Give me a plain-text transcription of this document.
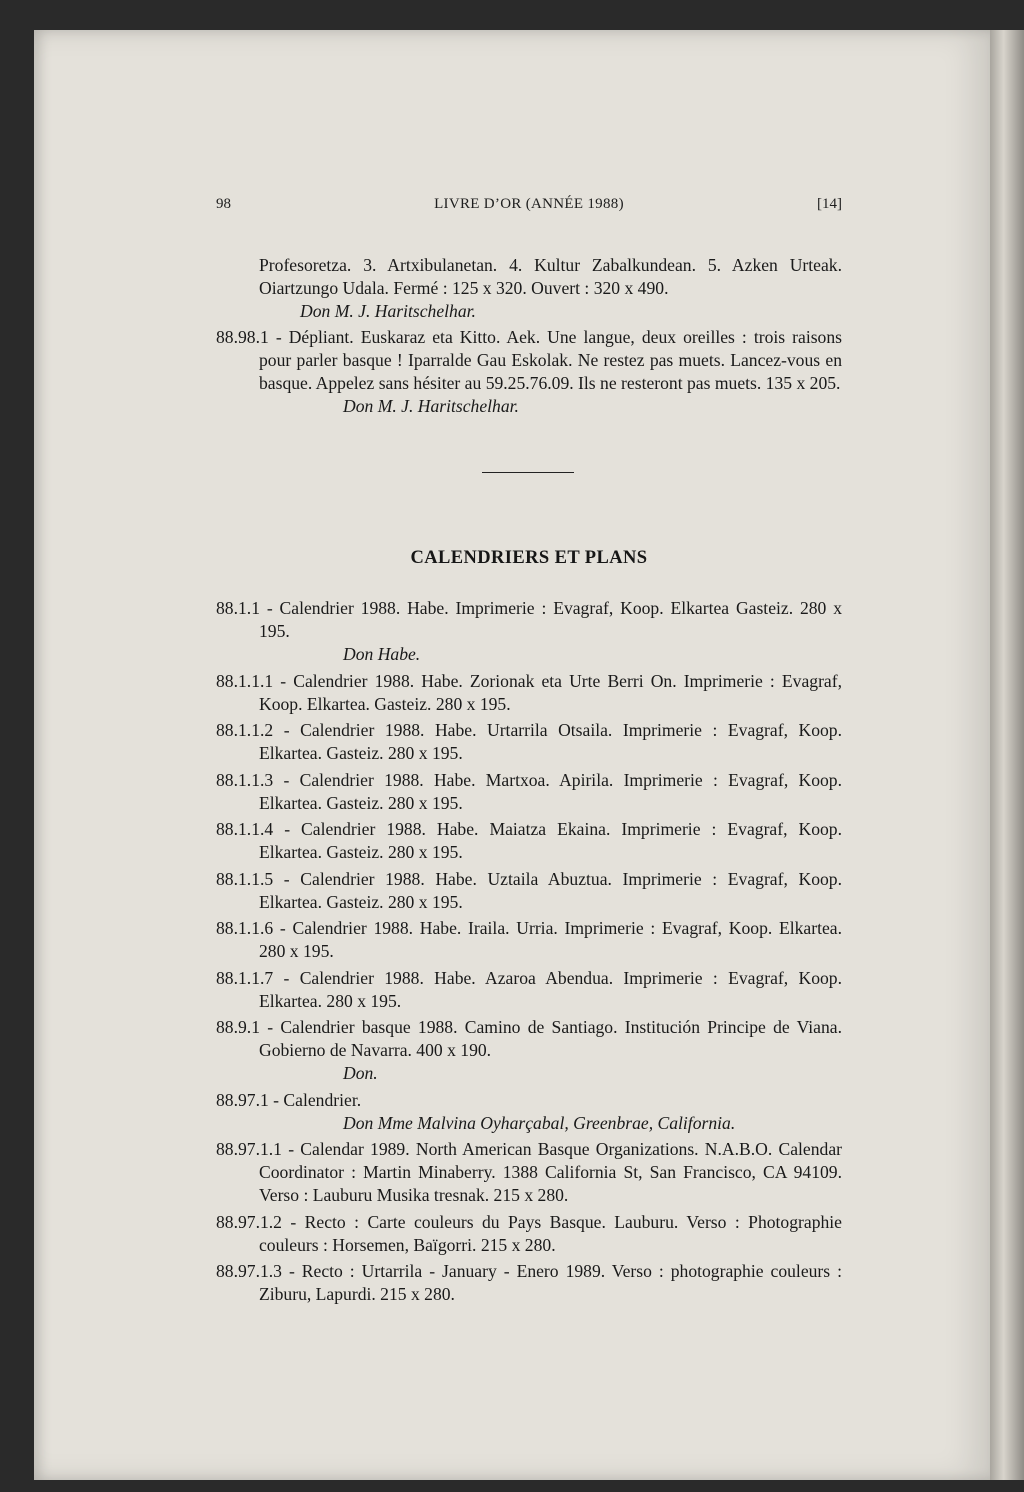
98	LIVRE D’OR (ANNÉE 1988)	[14]
Profesoretza. 3. Artxibulanetan. 4. Kultur Zabalkundean. 5. Azken Urteak. Oiartzungo Udala. Fermé : 125 x 320. Ouvert : 320 x 490.
Don M. J. Haritschelhar.
88.98.1 - Dépliant. Euskaraz eta Kitto. Aek. Une langue, deux oreilles : trois raisons pour parler basque ! Iparralde Gau Eskolak. Ne restez pas muets. Lancez-vous en basque. Appelez sans hésiter au 59.25.76.09. Ils ne resteront pas muets. 135 x 205.
Don M. J. Haritschelhar.
CALENDRIERS ET PLANS
88.1.1 - Calendrier 1988. Habe. Imprimerie : Evagraf, Koop. Elkartea Gasteiz. 280 x 195.
Don Habe.
88.1.1.1 - Calendrier 1988. Habe. Zorionak eta Urte Berri On. Imprimerie : Evagraf, Koop. Elkartea. Gasteiz. 280 x 195.
88.1.1.2 - Calendrier 1988. Habe. Urtarrila Otsaila. Imprimerie : Evagraf, Koop. Elkartea. Gasteiz. 280 x 195.
88.1.1.3 - Calendrier 1988. Habe. Martxoa. Apirila. Imprimerie : Evagraf, Koop. Elkartea. Gasteiz. 280 x 195.
88.1.1.4 - Calendrier 1988. Habe. Maiatza Ekaina. Imprimerie : Evagraf, Koop. Elkartea. Gasteiz. 280 x 195.
88.1.1.5 - Calendrier 1988. Habe. Uztaila Abuztua. Imprimerie : Evagraf, Koop. Elkartea. Gasteiz. 280 x 195.
88.1.1.6 - Calendrier 1988. Habe. Iraila. Urria. Imprimerie : Evagraf, Koop. Elkartea. 280 x 195.
88.1.1.7 - Calendrier 1988. Habe. Azaroa Abendua. Imprimerie : Evagraf, Koop. Elkartea. 280 x 195.
88.9.1 - Calendrier basque 1988. Camino de Santiago. Institución Principe de Viana. Gobierno de Navarra. 400 x 190.
Don.
88.97.1 - Calendrier.
Don Mme Malvina Oyharçabal, Greenbrae, California.
88.97.1.1 - Calendar 1989. North American Basque Organizations. N.A.B.O. Calendar Coordinator : Martin Minaberry. 1388 California St, San Francisco, CA 94109. Verso : Lauburu Musika tresnak. 215 x 280.
88.97.1.2 - Recto : Carte couleurs du Pays Basque. Lauburu. Verso : Photographie couleurs : Horsemen, Baïgorri. 215 x 280.
88.97.1.3 - Recto : Urtarrila - January - Enero 1989. Verso : photographie couleurs : Ziburu, Lapurdi. 215 x 280.
